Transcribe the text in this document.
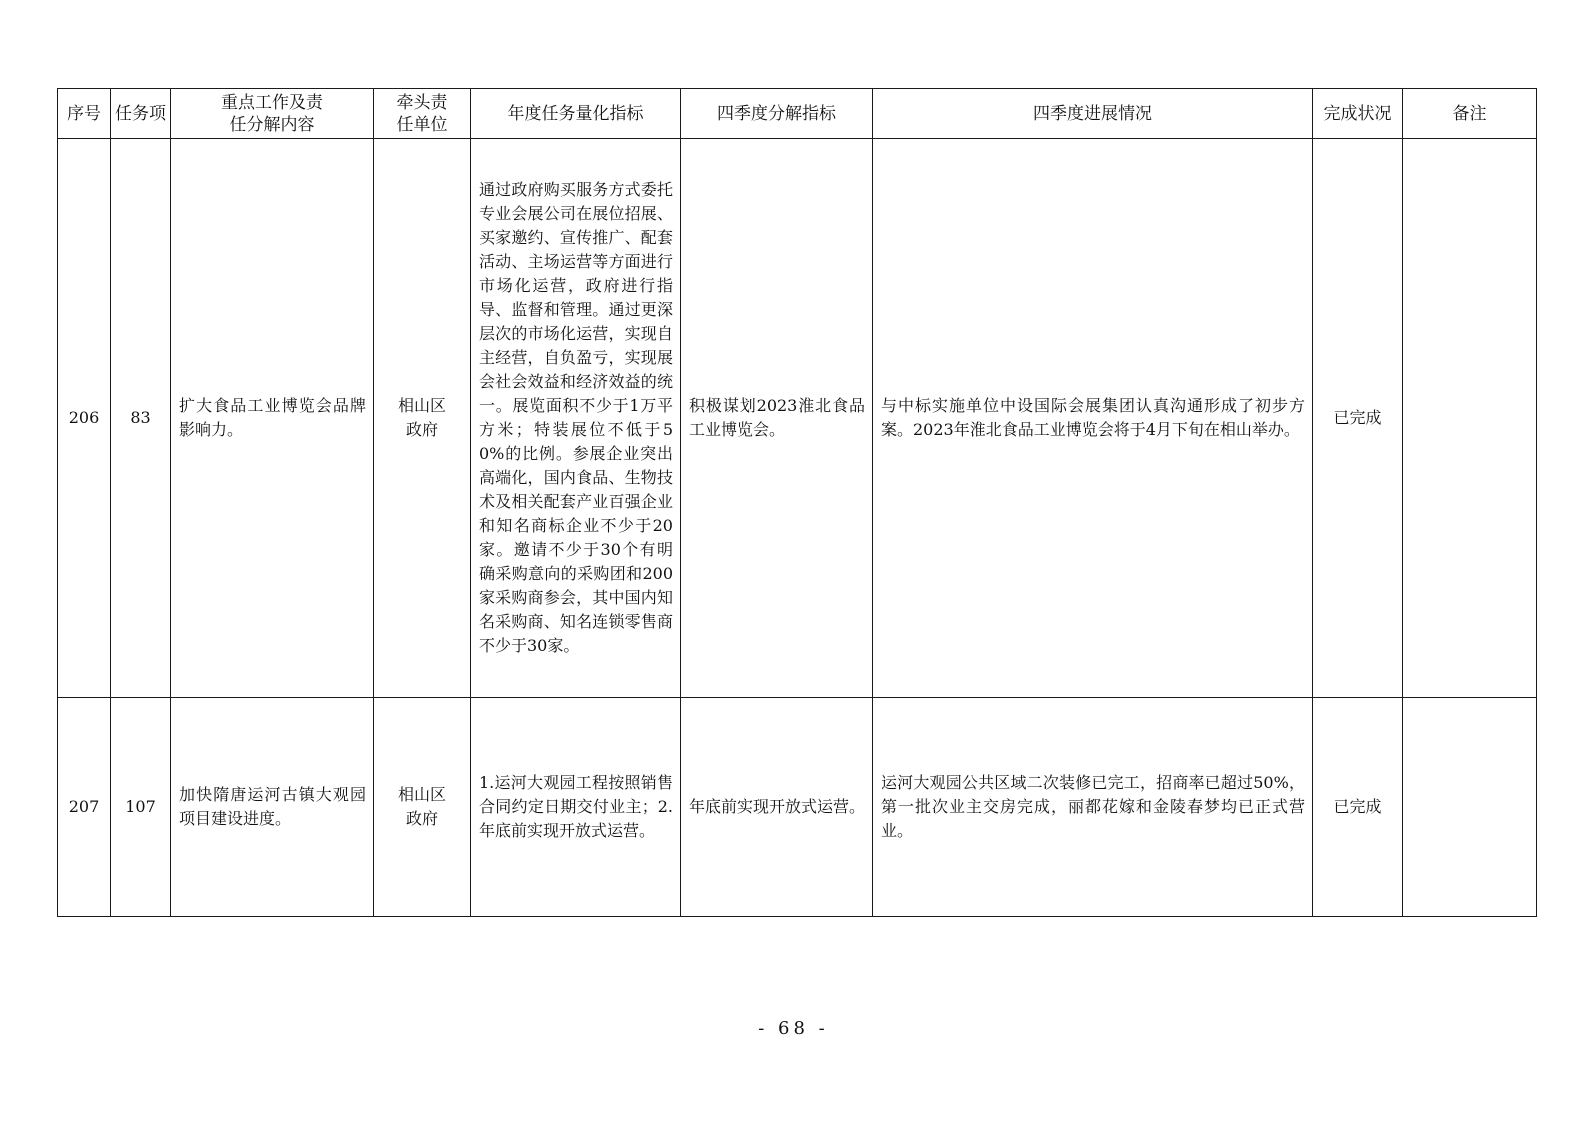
序号	任务项	重点工作及责任分解内容	牵头责任单位	年度任务量化指标	四季度分解指标	四季度进展情况	完成状况	备注
206	83	扩大食品工业博览会品牌影响力。	相山区政府	通过政府购买服务方式委托专业会展公司在展位招展、买家邀约、宣传推广、配套活动、主场运营等方面进行市场化运营，政府进行指导、监督和管理。通过更深层次的市场化运营，实现自主经营，自负盈亏，实现展会社会效益和经济效益的统一。展览面积不少于1万平方米；特装展位不低于50%的比例。参展企业突出高端化，国内食品、生物技术及相关配套产业百强企业和知名商标企业不少于20家。邀请不少于30个有明确采购意向的采购团和200家采购商参会，其中国内知名采购商、知名连锁零售商不少于30家。	积极谋划2023淮北食品工业博览会。	与中标实施单位中设国际会展集团认真沟通形成了初步方案。2023年淮北食品工业博览会将于4月下旬在相山举办。	已完成	
207	107	加快隋唐运河古镇大观园项目建设进度。	相山区政府	1.运河大观园工程按照销售合同约定日期交付业主；2.年底前实现开放式运营。	年底前实现开放式运营。	运河大观园公共区域二次装修已完工，招商率已超过50%，第一批次业主交房完成，丽都花嫁和金陵春梦均已正式营业。	已完成	
- 68 -
